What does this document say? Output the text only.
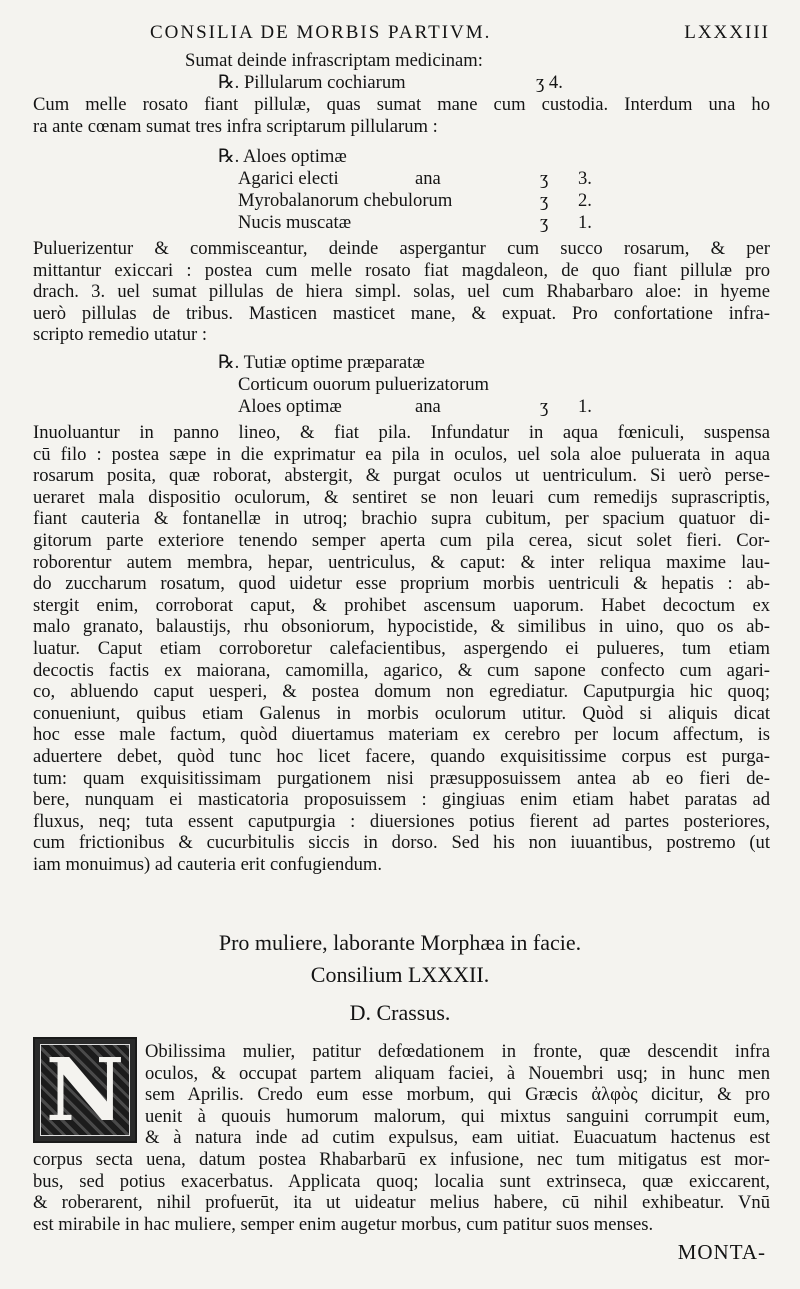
CONSILIA DE MORBIS PARTIVM.	LXXXIII
Sumat deinde infrascriptam medicinam:
℞. Pillularum cochiarum	ʒ 4.
Cum melle rosato fiant pillulæ, quas sumat mane cum custodia. Interdum una ho
ra ante cœnam sumat tres infra scriptarum pillularum :
℞. Aloes optimæ
Agarici electi	ana	ʒ 3.
Myrobalanorum chebulorum	ʒ 2.
Nucis muscatæ	ʒ 1.
Puluerizentur & commisceantur, deinde aspergantur cum succo rosarum, & per
mittantur exiccari : postea cum melle rosato fiat magdaleon, de quo fiant pillulæ pro
drach. 3. uel sumat pillulas de hiera simpl. solas, uel cum Rhabarbaro aloe: in hyeme
uerò pillulas de tribus. Masticen masticet mane, & expuat. Pro confortatione infra-
scripto remedio utatur :
℞. Tutiæ optime præparatæ
Corticum ouorum puluerizatorum
Aloes optimæ	ana	ʒ 1.
Inuoluantur in panno lineo, & fiat pila. Infundatur in aqua fœniculi, suspensa
cū filo : postea sæpe in die exprimatur ea pila in oculos, uel sola aloe puluerata in aqua
rosarum posita, quæ roborat, abstergit, & purgat oculos ut uentriculum. Si uerò perse-
ueraret mala dispositio oculorum, & sentiret se non leuari cum remedijs suprascriptis,
fiant cauteria & fontanellæ in utroq; brachio supra cubitum, per spacium quatuor di-
gitorum parte exteriore tenendo semper aperta cum pila cerea, sicut solet fieri. Cor-
roborentur autem membra, hepar, uentriculus, & caput: & inter reliqua maxime lau-
do zuccharum rosatum, quod uidetur esse proprium morbis uentriculi & hepatis : ab-
stergit enim, corroborat caput, & prohibet ascensum uaporum. Habet decoctum ex
malo granato, balaustijs, rhu obsoniorum, hypocistide, & similibus in uino, quo os ab-
luatur. Caput etiam corroboretur calefacientibus, aspergendo ei pulueres, tum etiam
decoctis factis ex maiorana, camomilla, agarico, & cum sapone confecto cum agari-
co, abluendo caput uesperi, & postea domum non egrediatur. Caputpurgia hic quoq;
conueniunt, quibus etiam Galenus in morbis oculorum utitur. Quòd si aliquis dicat
hoc esse male factum, quòd diuertamus materiam ex cerebro per locum affectum, is
aduertere debet, quòd tunc hoc licet facere, quando exquisitissime corpus est purga-
tum: quam exquisitissimam purgationem nisi præsupposuissem antea ab eo fieri de-
bere, nunquam ei masticatoria proposuissem : gingiuas enim etiam habet paratas ad
fluxus, neq; tuta essent caputpurgia : diuersiones potius fierent ad partes posteriores,
cum frictionibus & cucurbitulis siccis in dorso. Sed his non iuuantibus, postremo (ut
iam monuimus) ad cauteria erit confugiendum.
Pro muliere, laborante Morphæa in facie.
Consilium LXXXII.
D. Crassus.
N	Obilissima mulier, patitur defœdationem in fronte, quæ descendit infra
oculos, & occupat partem aliquam faciei, à Nouembri usq; in hunc men
sem Aprilis. Credo eum esse morbum, qui Græcis ἀλφὸς dicitur, & pro
uenit à quouis humorum malorum, qui mixtus sanguini corrumpit eum,
& à natura inde ad cutim expulsus, eam uitiat. Euacuatum hactenus est
corpus secta uena, datum postea Rhabarbarū ex infusione, nec tum mitigatus est mor-
bus, sed potius exacerbatus. Applicata quoq; localia sunt extrinseca, quæ exiccarent,
& roberarent, nihil profuerūt, ita ut uideatur melius habere, cū nihil exhibeatur. Vnū
est mirabile in hac muliere, semper enim augetur morbus, cum patitur suos menses.
MONTA-
